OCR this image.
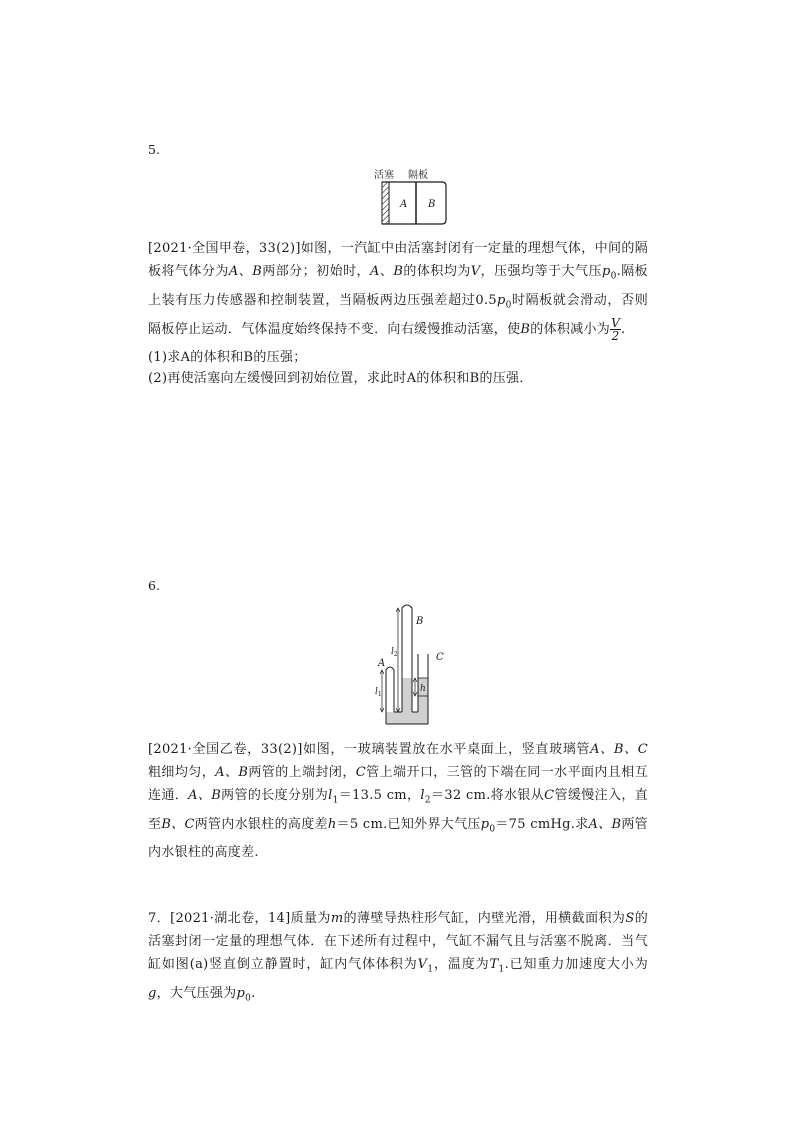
5.
活塞 隔板
A B
[2021·全国甲卷，33(2)]如图，一汽缸中由活塞封闭有一定量的理想气体，中间的隔板将气体分为A、B两部分；初始时，A、B的体积均为V，压强均等于大气压$p_0$.隔板上装有压力传感器和控制装置，当隔板两边压强差超过$0.5p_0$时隔板就会滑动，否则隔板停止运动．气体温度始终保持不变．向右缓慢推动活塞，使B的体积减小为 $\frac{V}{2}$ .
(1)求A的体积和B的压强；
(2)再使活塞向左缓慢回到初始位置，求此时A的体积和B的压强．
6.
A
B
C
$l_1$
$l_2$
h
[2021·全国乙卷，33(2)]如图，一玻璃装置放在水平桌面上，竖直玻璃管A、B、C粗细均匀，A、B两管的上端封闭，C管上端开口，三管的下端在同一水平面内且相互连通．A、B两管的长度分别为$l_1=13.5$ cm，$l_2=32$ cm.将水银从C管缓慢注入，直至B、C两管内水银柱的高度差h＝5 cm.已知外界大气压$p_0=75$ cmHg.求A、B两管内水银柱的高度差.
7．[2021·湖北卷，14]质量为m的薄壁导热柱形气缸，内壁光滑，用横截面积为S的活塞封闭一定量的理想气体．在下述所有过程中，气缸不漏气且与活塞不脱离．当气缸如图(a)竖直倒立静置时，缸内气体体积为$V_1$，温度为$T_1$.已知重力加速度大小为g，大气压强为$p_0$.
